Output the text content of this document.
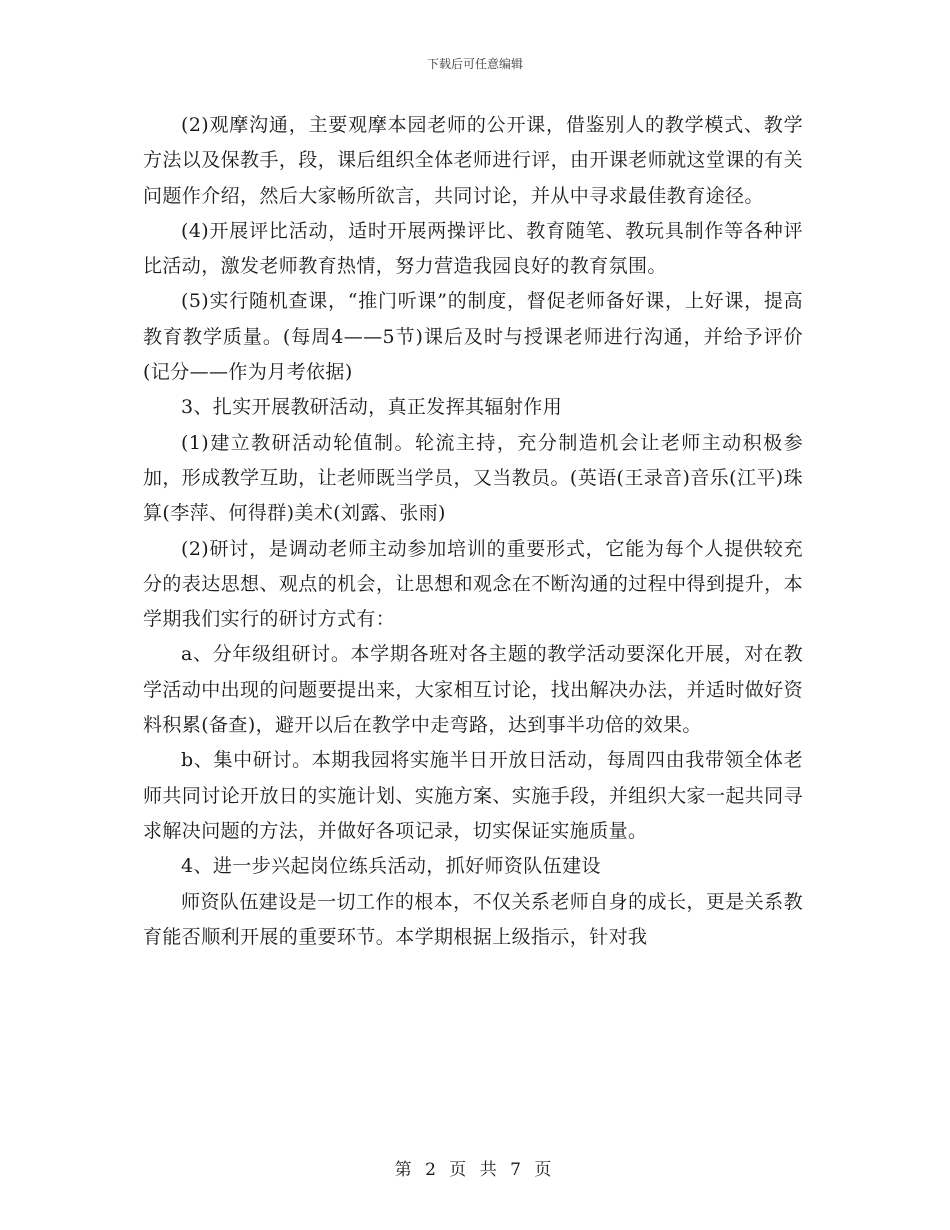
下载后可任意编辑

(2)观摩沟通，主要观摩本园老师的公开课，借鉴别人的教学模式、教学方法以及保教手，段，课后组织全体老师进行评，由开课老师就这堂课的有关问题作介绍，然后大家畅所欲言，共同讨论，并从中寻求最佳教育途径。

(4)开展评比活动，适时开展两操评比、教育随笔、教玩具制作等各种评比活动，激发老师教育热情，努力营造我园良好的教育氛围。

(5)实行随机查课，“推门听课”的制度，督促老师备好课，上好课，提高教育教学质量。(每周4——5节)课后及时与授课老师进行沟通，并给予评价(记分——作为月考依据)

3、扎实开展教研活动，真正发挥其辐射作用

(1)建立教研活动轮值制。轮流主持，充分制造机会让老师主动积极参加，形成教学互助，让老师既当学员，又当教员。(英语(王录音)音乐(江平)珠算(李萍、何得群)美术(刘露、张雨)

(2)研讨，是调动老师主动参加培训的重要形式，它能为每个人提供较充分的表达思想、观点的机会，让思想和观念在不断沟通的过程中得到提升，本学期我们实行的研讨方式有：

a、分年级组研讨。本学期各班对各主题的教学活动要深化开展，对在教学活动中出现的问题要提出来，大家相互讨论，找出解决办法，并适时做好资料积累(备查)，避开以后在教学中走弯路，达到事半功倍的效果。

b、集中研讨。本期我园将实施半日开放日活动，每周四由我带领全体老师共同讨论开放日的实施计划、实施方案、实施手段，并组织大家一起共同寻求解决问题的方法，并做好各项记录，切实保证实施质量。

4、进一步兴起岗位练兵活动，抓好师资队伍建设

师资队伍建设是一切工作的根本，不仅关系老师自身的成长，更是关系教育能否顺利开展的重要环节。本学期根据上级指示，针对我

第 2 页 共 7 页
